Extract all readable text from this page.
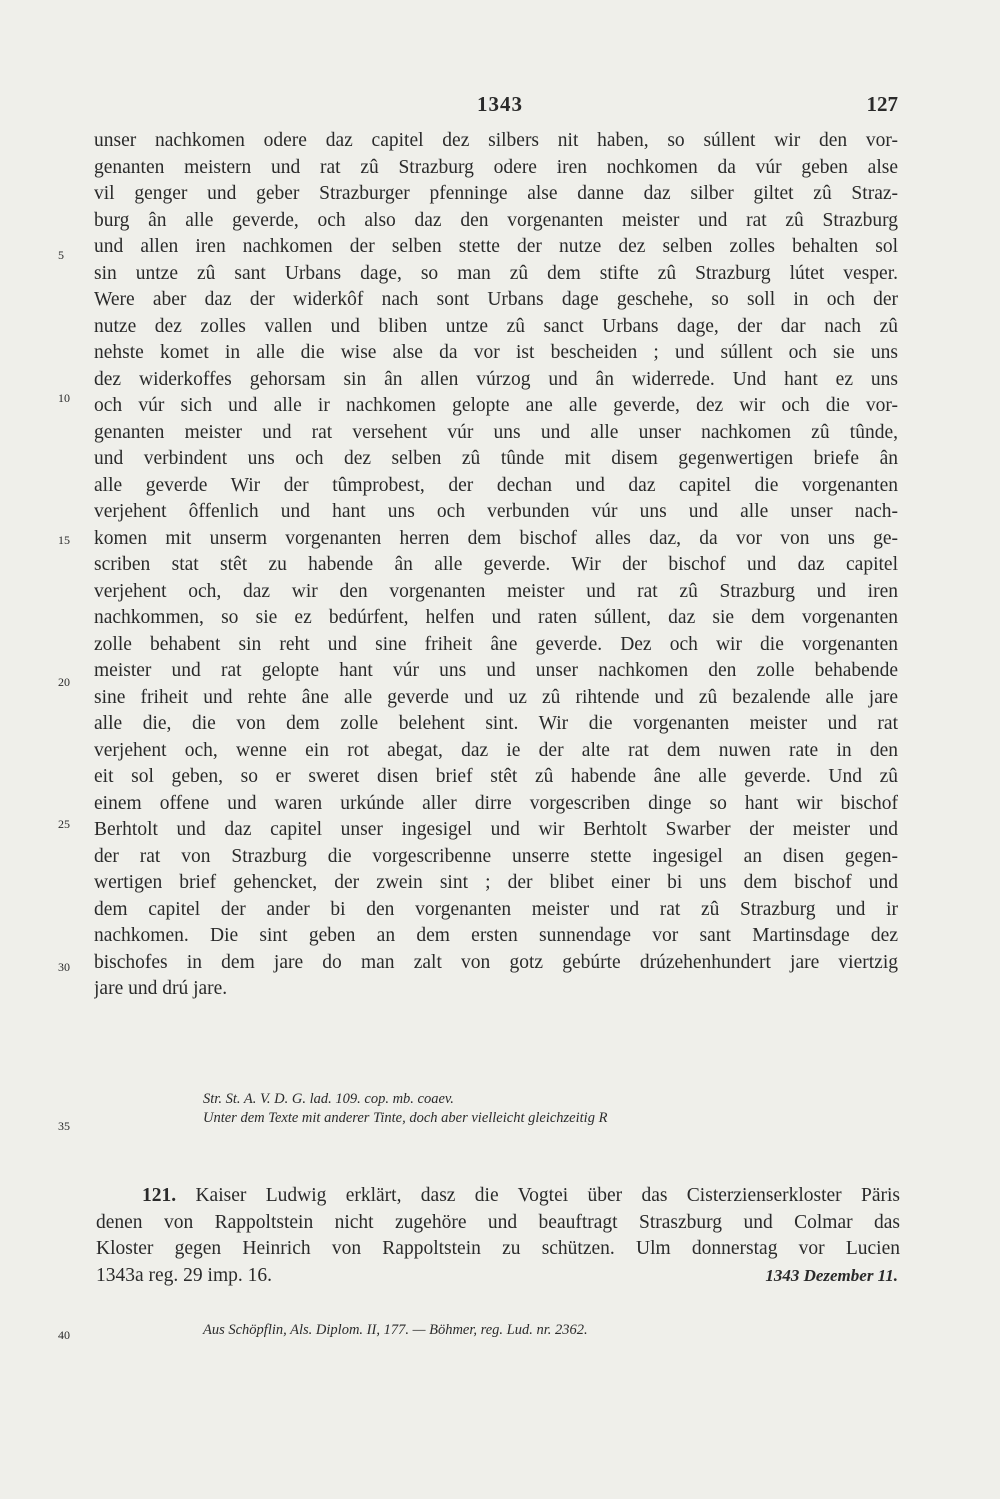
1343	127
unser nachkomen odere daz capitel dez silbers nit haben, so súllent wir den vor-
genanten meistern und rat zû Strazburg odere iren nochkomen da vúr geben alse
vil genger und geber Strazburger pfenninge alse danne daz silber giltet zû Straz-
burg ân alle geverde, och also daz den vorgenanten meister und rat zû Strazburg
und allen iren nachkomen der selben stette der nutze dez selben zolles behalten sol
sin untze zû sant Urbans dage, so man zû dem stifte zû Strazburg lútet vesper.
Were aber daz der widerkôf nach sont Urbans dage geschehe, so soll in och der
nutze dez zolles vallen und bliben untze zû sanct Urbans dage, der dar nach zû
nehste komet in alle die wise alse da vor ist bescheiden ; und súllent och sie uns
dez widerkoffes gehorsam sin ân allen vúrzog und ân widerrede. Und hant ez uns
och vúr sich und alle ir nachkomen gelopte ane alle geverde, dez wir och die vor-
genanten meister und rat versehent vúr uns und alle unser nachkomen zû tûnde,
und verbindent uns och dez selben zû tûnde mit disem gegenwertigen briefe ân
alle geverde Wir der tûmprobest, der dechan und daz capitel die vorgenanten
verjehent ôffenlich und hant uns och verbunden vúr uns und alle unser nach-
komen mit unserm vorgenanten herren dem bischof alles daz, da vor von uns ge-
scriben stat stêt zu habende ân alle geverde. Wir der bischof und daz capitel
verjehent och, daz wir den vorgenanten meister und rat zû Strazburg und iren
nachkommen, so sie ez bedúrfent, helfen und raten súllent, daz sie dem vorgenanten
zolle behabent sin reht und sine friheit âne geverde. Dez och wir die vorgenanten
meister und rat gelopte hant vúr uns und unser nachkomen den zolle behabende
sine friheit und rehte âne alle geverde und uz zû rihtende und zû bezalende alle jare
alle die, die von dem zolle belehent sint. Wir die vorgenanten meister und rat
verjehent och, wenne ein rot abegat, daz ie der alte rat dem nuwen rate in den
eit sol geben, so er sweret disen brief stêt zû habende âne alle geverde. Und zû
einem offene und waren urkúnde aller dirre vorgescriben dinge so hant wir bischof
Berhtolt und daz capitel unser ingesigel und wir Berhtolt Swarber der meister und
der rat von Strazburg die vorgescribenne unserre stette ingesigel an disen gegen-
wertigen brief gehencket, der zwein sint ; der blibet einer bi uns dem bischof und
dem capitel der ander bi den vorgenanten meister und rat zû Strazburg und ir
nachkomen. Die sint geben an dem ersten sunnendage vor sant Martinsdage dez
bischofes in dem jare do man zalt von gotz gebúrte drúzehenhundert jare viertzig
jare und drú jare.
5
10
15
20
25
30
35
40
Str. St. A. V. D. G. lad. 109. cop. mb. coaev.
Unter dem Texte mit anderer Tinte, doch aber vielleicht gleichzeitig R
121. Kaiser Ludwig erklärt, dasz die Vogtei über das Cisterzienserkloster Päris
denen von Rappoltstein nicht zugehöre und beauftragt Straszburg und Colmar das
Kloster gegen Heinrich von Rappoltstein zu schützen. Ulm donnerstag vor Lucien
1343a reg. 29 imp. 16.	1343 Dezember 11.
Aus Schöpflin, Als. Diplom. II, 177. — Böhmer, reg. Lud. nr. 2362.
